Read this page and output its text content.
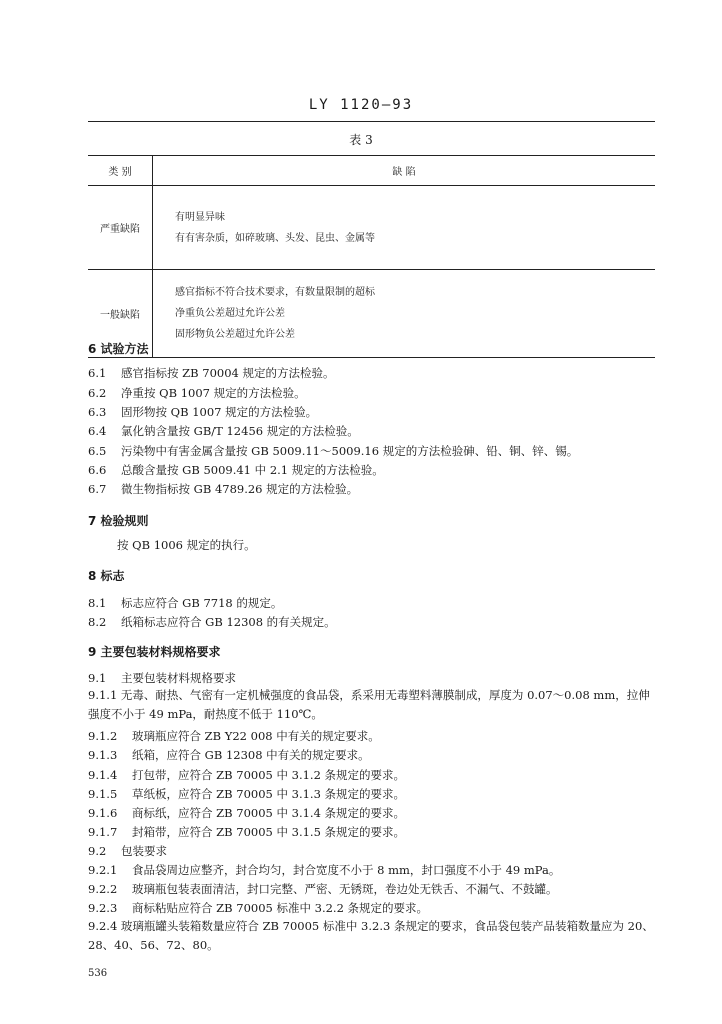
LY 1120—93
表 3
类 别	缺 陷
严重缺陷	有明显异味
有有害杂质，如碎玻璃、头发、昆虫、金属等

一般缺陷	感官指标不符合技术要求，有数量限制的超标
净重负公差超过允许公差
固形物负公差超过允许公差
6 试验方法
6.1 感官指标按 ZB 70004 规定的方法检验。
6.2 净重按 QB 1007 规定的方法检验。
6.3 固形物按 QB 1007 规定的方法检验。
6.4 氯化钠含量按 GB/T 12456 规定的方法检验。
6.5 污染物中有害金属含量按 GB 5009.11～5009.16 规定的方法检验砷、铅、铜、锌、锡。
6.6 总酸含量按 GB 5009.41 中 2.1 规定的方法检验。
6.7 微生物指标按 GB 4789.26 规定的方法检验。
7 检验规则
按 QB 1006 规定的执行。
8 标志
8.1 标志应符合 GB 7718 的规定。
8.2 纸箱标志应符合 GB 12308 的有关规定。
9 主要包装材料规格要求
9.1 主要包装材料规格要求
9.1.1 无毒、耐热、气密有一定机械强度的食品袋，系采用无毒塑料薄膜制成，厚度为 0.07～0.08 mm，拉伸强度不小于 49 mPa，耐热度不低于 110℃。
9.1.2 玻璃瓶应符合 ZB Y22 008 中有关的规定要求。
9.1.3 纸箱，应符合 GB 12308 中有关的规定要求。
9.1.4 打包带，应符合 ZB 70005 中 3.1.2 条规定的要求。
9.1.5 草纸板，应符合 ZB 70005 中 3.1.3 条规定的要求。
9.1.6 商标纸，应符合 ZB 70005 中 3.1.4 条规定的要求。
9.1.7 封箱带，应符合 ZB 70005 中 3.1.5 条规定的要求。
9.2 包装要求
9.2.1 食品袋周边应整齐，封合均匀，封合宽度不小于 8 mm，封口强度不小于 49 mPa。
9.2.2 玻璃瓶包装表面清洁，封口完整、严密、无锈斑，卷边处无铁舌、不漏气、不鼓罐。
9.2.3 商标粘贴应符合 ZB 70005 标准中 3.2.2 条规定的要求。
9.2.4 玻璃瓶罐头装箱数量应符合 ZB 70005 标准中 3.2.3 条规定的要求，食品袋包装产品装箱数量应为 20、28、40、56、72、80。
536
